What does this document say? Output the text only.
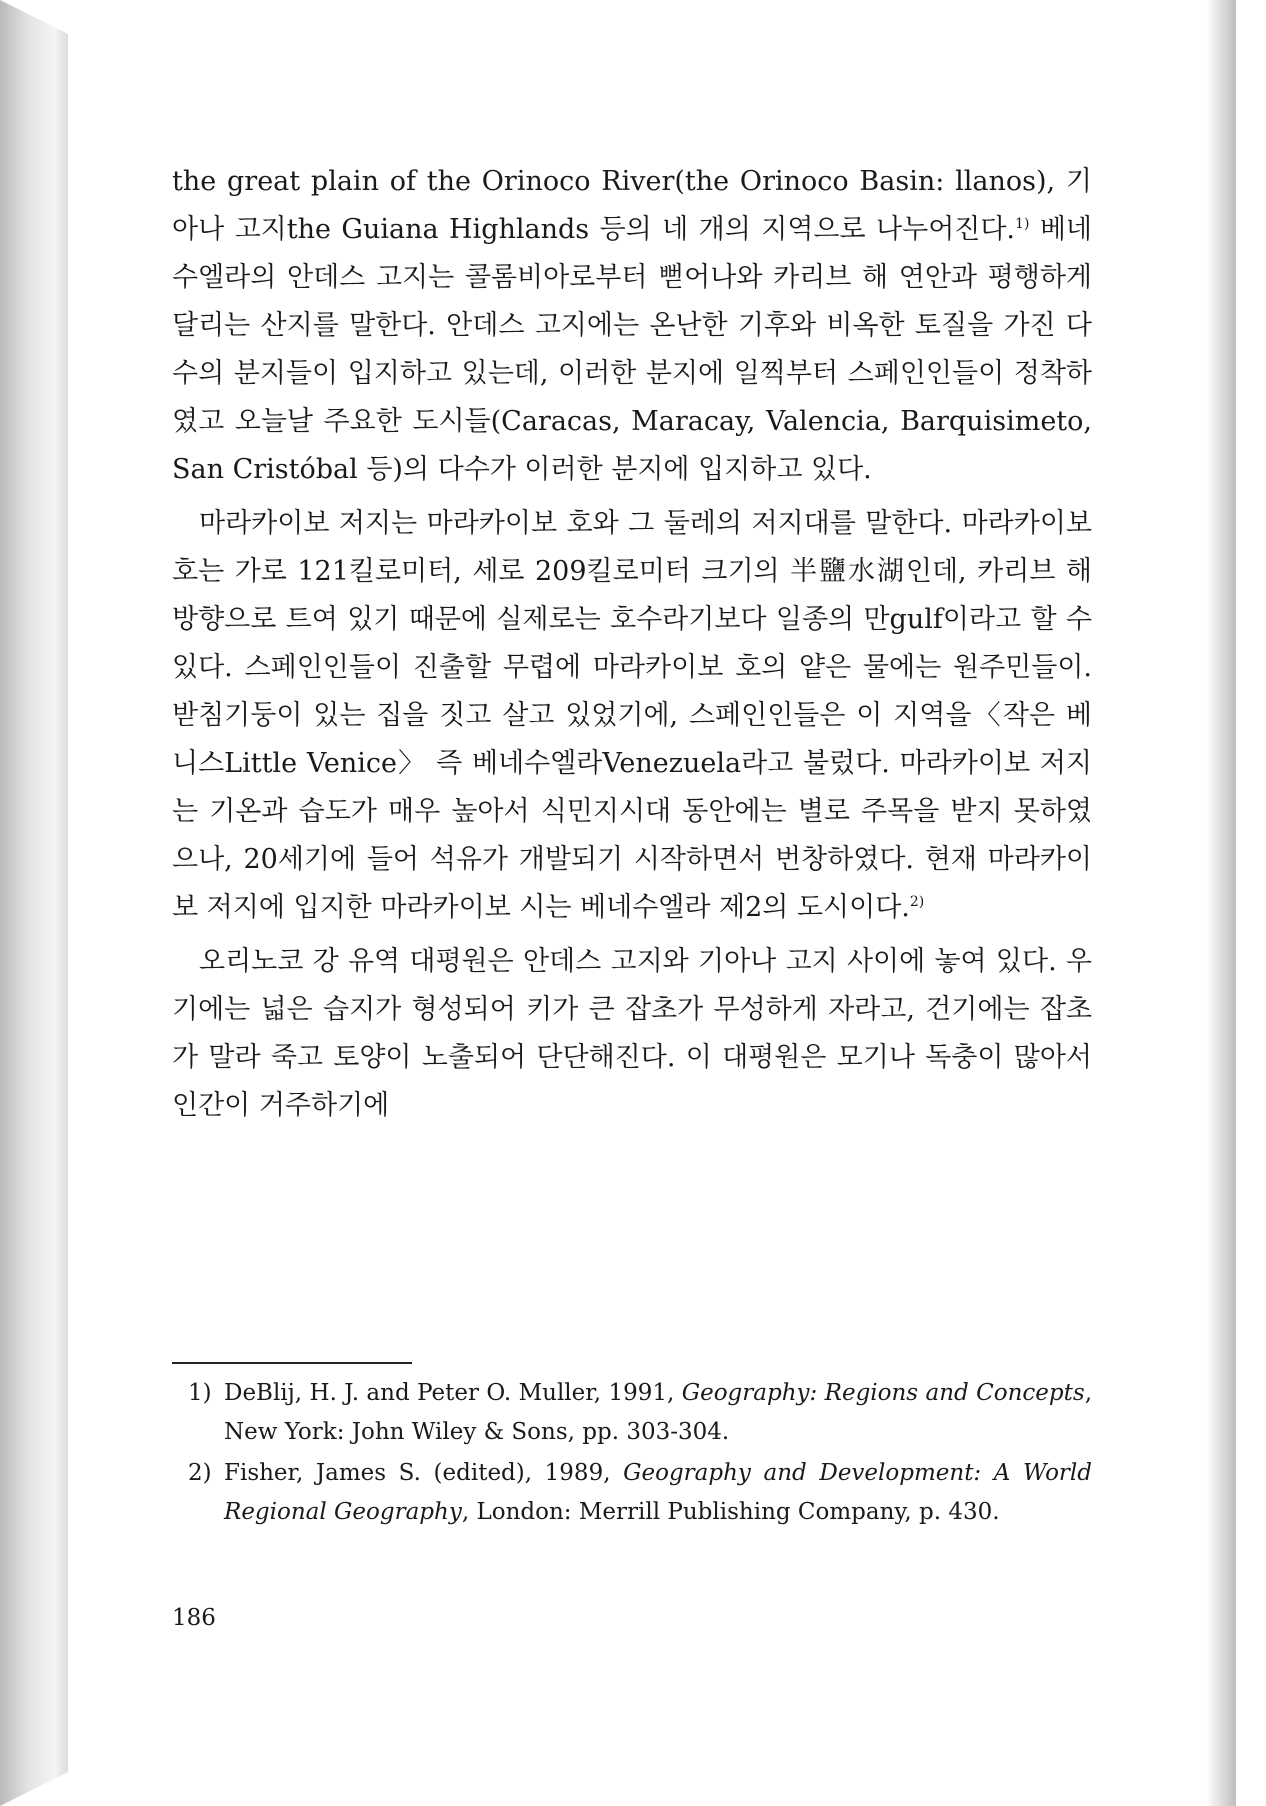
the great plain of the Orinoco River(the Orinoco Basin: llanos), 기아나 고지the Guiana Highlands 등의 네 개의 지역으로 나누어진다.$^{1)}$ 베네수엘라의 안데스 고지는 콜롬비아로부터 뻗어나와 카리브 해 연안과 평행하게 달리는 산지를 말한다. 안데스 고지에는 온난한 기후와 비옥한 토질을 가진 다수의 분지들이 입지하고 있는데, 이러한 분지에 일찍부터 스페인인들이 정착하였고 오늘날 주요한 도시들(Caracas, Maracay, Valencia, Barquisimeto, San Cristóbal 등)의 다수가 이러한 분지에 입지하고 있다.

마라카이보 저지는 마라카이보 호와 그 둘레의 저지대를 말한다. 마라카이보 호는 가로 121킬로미터, 세로 209킬로미터 크기의 半鹽水湖인데, 카리브 해 방향으로 트여 있기 때문에 실제로는 호수라기보다 일종의 만gulf이라고 할 수 있다. 스페인인들이 진출할 무렵에 마라카이보 호의 얕은 물에는 원주민들이. 받침기둥이 있는 집을 짓고 살고 있었기에, 스페인인들은 이 지역을〈작은 베니스Little Venice〉 즉 베네수엘라Venezuela라고 불렀다. 마라카이보 저지는 기온과 습도가 매우 높아서 식민지시대 동안에는 별로 주목을 받지 못하였으나, 20세기에 들어 석유가 개발되기 시작하면서 번창하였다. 현재 마라카이보 저지에 입지한 마라카이보 시는 베네수엘라 제2의 도시이다.$^{2)}$

오리노코 강 유역 대평원은 안데스 고지와 기아나 고지 사이에 놓여 있다. 우기에는 넓은 습지가 형성되어 키가 큰 잡초가 무성하게 자라고, 건기에는 잡초가 말라 죽고 토양이 노출되어 단단해진다. 이 대평원은 모기나 독충이 많아서 인간이 거주하기에

1) DeBlij, H. J. and Peter O. Muller, 1991, Geography: Regions and Concepts, New York: John Wiley & Sons, pp. 303-304.
2) Fisher, James S. (edited), 1989, Geography and Development: A World Regional Geography, London: Merrill Publishing Company, p. 430.
186
